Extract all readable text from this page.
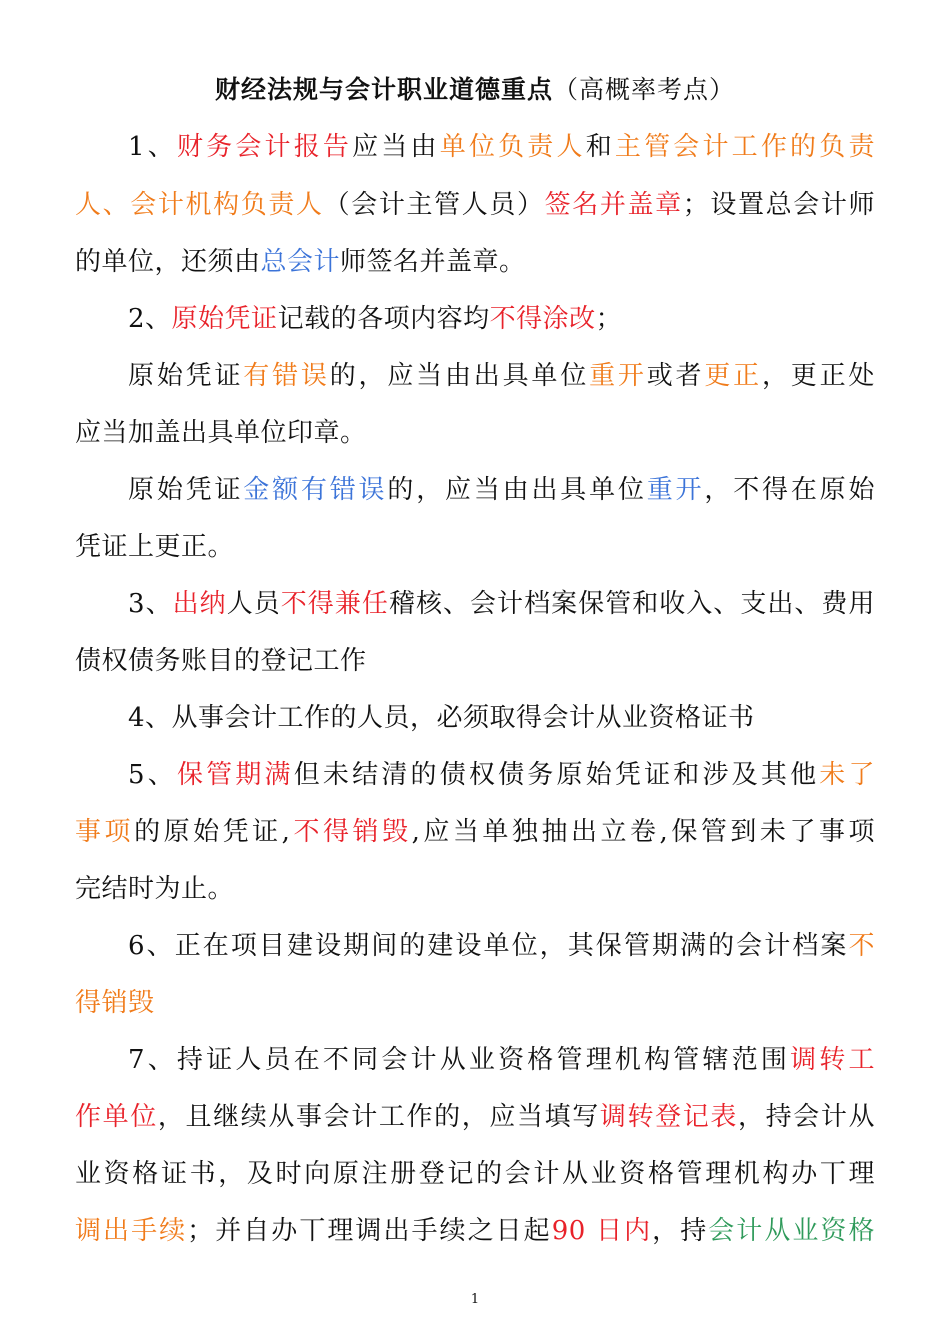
财经法规与会计职业道德重点（高概率考点）
1、财务会计报告应当由单位负责人和主管会计工作的负责
人、会计机构负责人（会计主管人员）签名并盖章；设置总会计师
的单位，还须由总会计师签名并盖章。
2、原始凭证记载的各项内容均不得涂改；
原始凭证有错误的，应当由出具单位重开或者更正，更正处
应当加盖出具单位印章。
原始凭证金额有错误的，应当由出具单位重开，不得在原始
凭证上更正。
3、出纳人员不得兼任稽核、会计档案保管和收入、支出、费用
债权债务账目的登记工作
4、从事会计工作的人员，必须取得会计从业资格证书
5、保管期满但未结清的债权债务原始凭证和涉及其他未了
事项的原始凭证,不得销毁,应当单独抽出立卷,保管到未了事项
完结时为止。
6、正在项目建设期间的建设单位，其保管期满的会计档案不
得销毁
7、持证人员在不同会计从业资格管理机构管辖范围调转工
作单位，且继续从事会计工作的，应当填写调转登记表，持会计从
业资格证书，及时向原注册登记的会计从业资格管理机构办丅理
调出手续；并自办丅理调出手续之日起90 日内，持会计从业资格
1
